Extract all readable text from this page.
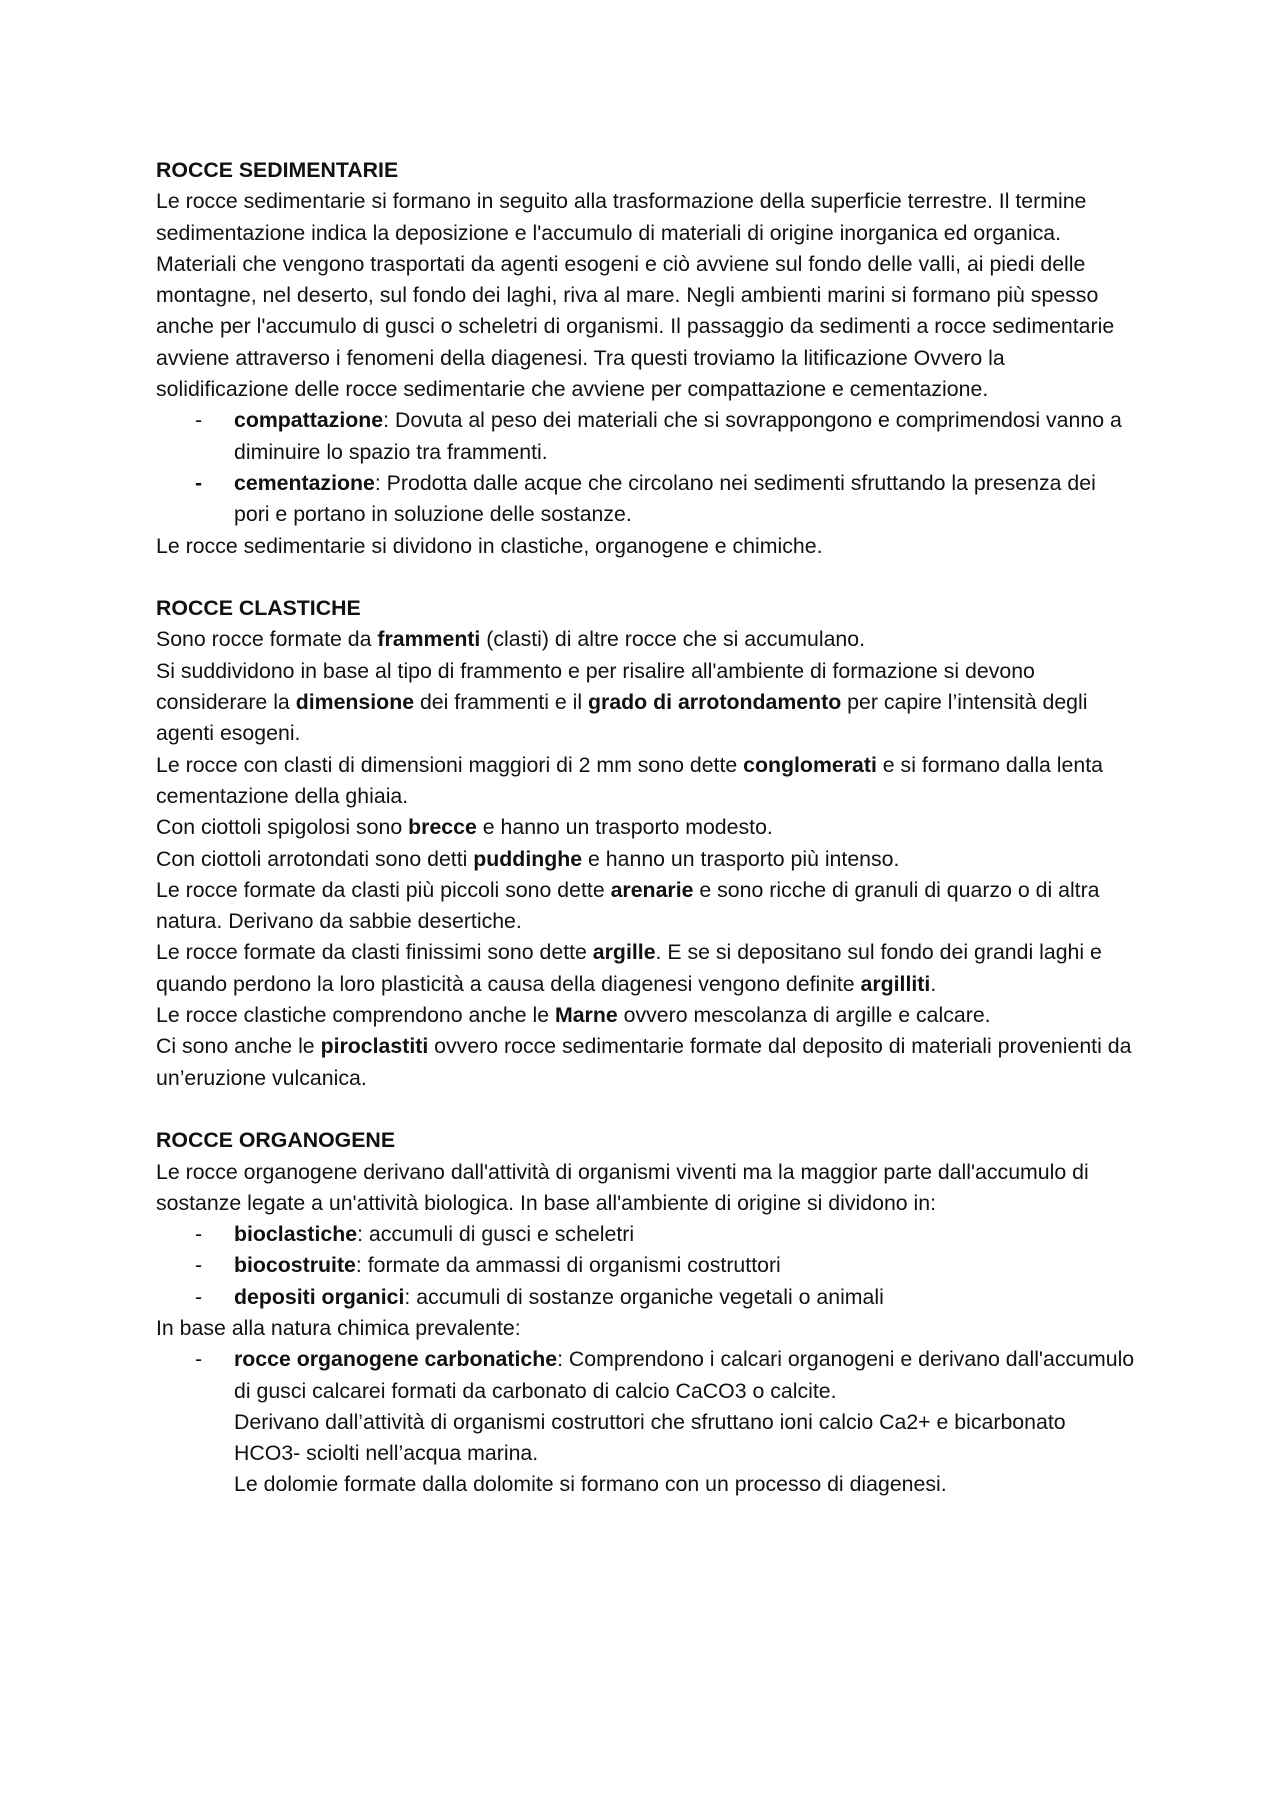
ROCCE SEDIMENTARIE

Le rocce sedimentarie si formano in seguito alla trasformazione della superficie terrestre. Il termine sedimentazione indica la deposizione e l'accumulo di materiali di origine inorganica ed organica. Materiali che vengono trasportati da agenti esogeni e ciò avviene sul fondo delle valli, ai piedi delle montagne, nel deserto, sul fondo dei laghi, riva al mare. Negli ambienti marini si formano più spesso anche per l'accumulo di gusci o scheletri di organismi. Il passaggio da sedimenti a rocce sedimentarie avviene attraverso i fenomeni della diagenesi. Tra questi troviamo la litificazione Ovvero la solidificazione delle rocce sedimentarie che avviene per compattazione e cementazione.

- compattazione: Dovuta al peso dei materiali che si sovrappongono e comprimendosi vanno a diminuire lo spazio tra frammenti.
- cementazione: Prodotta dalle acque che circolano nei sedimenti sfruttando la presenza dei pori e portano in soluzione delle sostanze.

Le rocce sedimentarie si dividono in clastiche, organogene e chimiche.

ROCCE CLASTICHE

Sono rocce formate da frammenti (clasti) di altre rocce che si accumulano.

Si suddividono in base al tipo di frammento e per risalire all'ambiente di formazione si devono considerare la dimensione dei frammenti e il grado di arrotondamento per capire l’intensità degli agenti esogeni.

Le rocce con clasti di dimensioni maggiori di 2 mm sono dette conglomerati e si formano dalla lenta cementazione della ghiaia.

Con ciottoli spigolosi sono brecce e hanno un trasporto modesto.

Con ciottoli arrotondati sono detti puddinghe e hanno un trasporto più intenso.

Le rocce formate da clasti più piccoli sono dette arenarie e sono ricche di granuli di quarzo o di altra natura. Derivano da sabbie desertiche.

Le rocce formate da clasti finissimi sono dette argille. E se si depositano sul fondo dei grandi laghi e quando perdono la loro plasticità a causa della diagenesi vengono definite argilliti.

Le rocce clastiche comprendono anche le Marne ovvero mescolanza di argille e calcare.

Ci sono anche le piroclastiti ovvero rocce sedimentarie formate dal deposito di materiali provenienti da un’eruzione vulcanica.

ROCCE ORGANOGENE

Le rocce organogene derivano dall'attività di organismi viventi ma la maggior parte dall'accumulo di sostanze legate a un'attività biologica. In base all'ambiente di origine si dividono in:

- bioclastiche: accumuli di gusci e scheletri
- biocostruite: formate da ammassi di organismi costruttori
- depositi organici: accumuli di sostanze organiche vegetali o animali

In base alla natura chimica prevalente:

- rocce organogene carbonatiche: Comprendono i calcari organogeni e derivano dall'accumulo di gusci calcarei formati da carbonato di calcio CaCO3 o calcite.
Derivano dall’attività di organismi costruttori che sfruttano ioni calcio Ca2+ e bicarbonato HCO3- sciolti nell’acqua marina.
Le dolomie formate dalla dolomite si formano con un processo di diagenesi.
